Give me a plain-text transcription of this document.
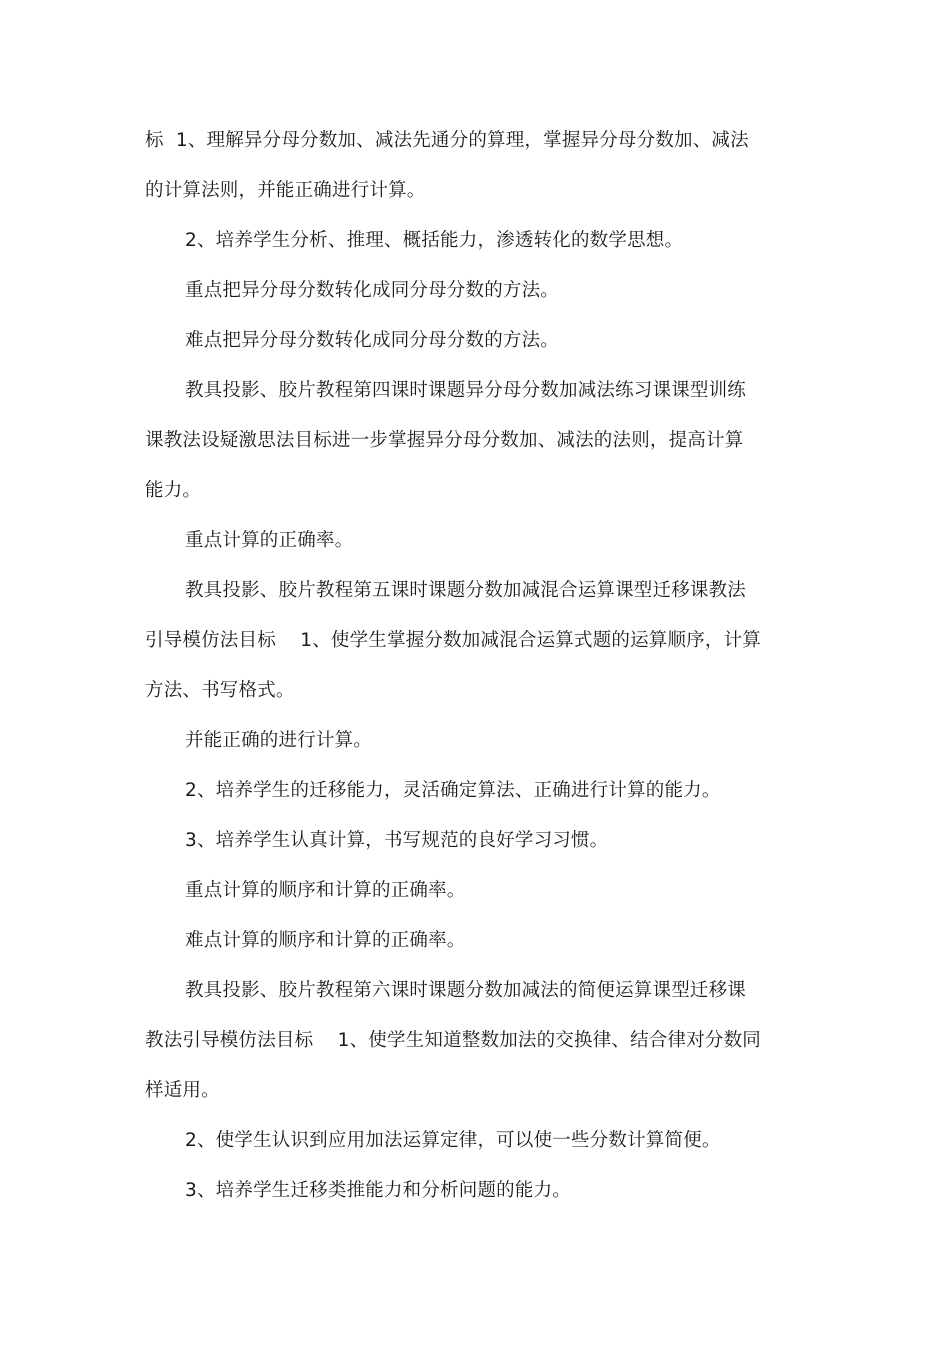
标  1、理解异分母分数加、减法先通分的算理，掌握异分母分数加、减法
的计算法则，并能正确进行计算。
2、培养学生分析、推理、概括能力，渗透转化的数学思想。
重点把异分母分数转化成同分母分数的方法。
难点把异分母分数转化成同分母分数的方法。
教具投影、胶片教程第四课时课题异分母分数加减法练习课课型训练
课教法设疑激思法目标进一步掌握异分母分数加、减法的法则，提高计算
能力。
重点计算的正确率。
教具投影、胶片教程第五课时课题分数加减混合运算课型迁移课教法
引导模仿法目标    1、使学生掌握分数加减混合运算式题的运算顺序，计算
方法、书写格式。
并能正确的进行计算。
2、培养学生的迁移能力，灵活确定算法、正确进行计算的能力。
3、培养学生认真计算，书写规范的良好学习习惯。
重点计算的顺序和计算的正确率。
难点计算的顺序和计算的正确率。
教具投影、胶片教程第六课时课题分数加减法的简便运算课型迁移课
教法引导模仿法目标    1、使学生知道整数加法的交换律、结合律对分数同
样适用。
2、使学生认识到应用加法运算定律，可以使一些分数计算简便。
3、培养学生迁移类推能力和分析问题的能力。
